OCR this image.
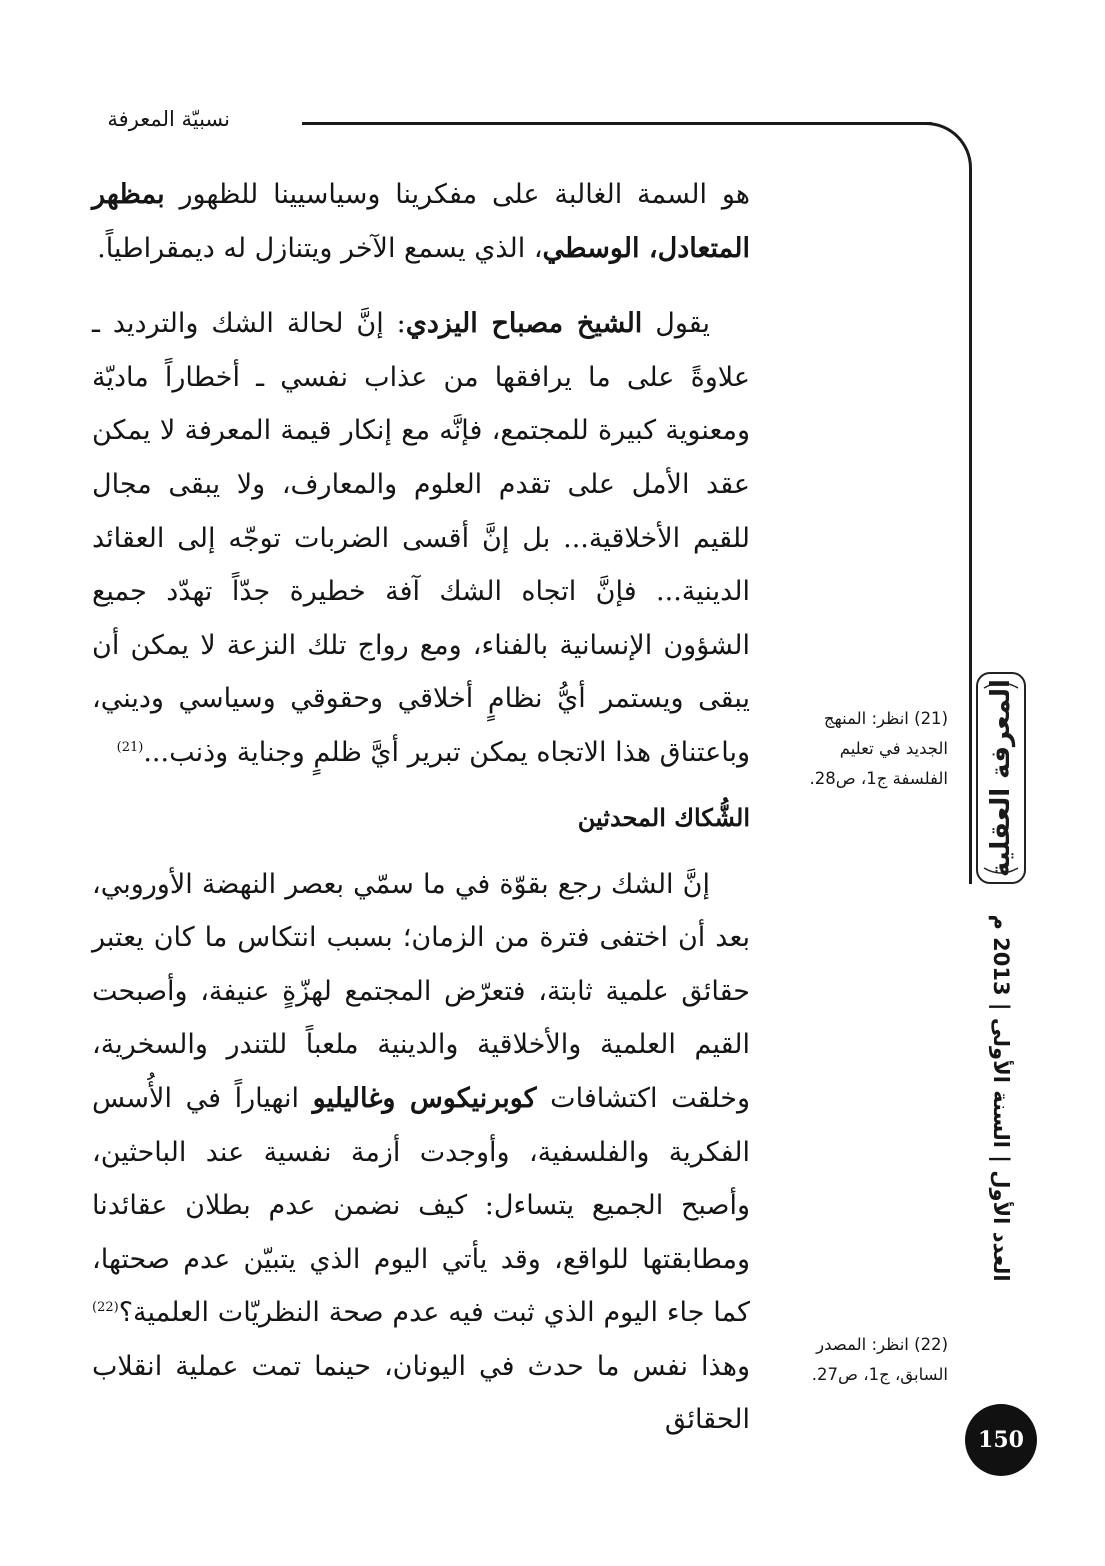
نسبيّة المعرفة

هو السمة الغالبة على مفكرينا وسياسيينا للظهور بمظهر المتعادل، الوسطي، الذي يسمع الآخر ويتنازل له ديمقراطياً.

يقول الشيخ مصباح اليزدي: إنَّ لحالة الشك والترديد ـ علاوةً على ما يرافقها من عذاب نفسي ـ أخطاراً ماديّة ومعنوية كبيرة للمجتمع، فإنَّه مع إنكار قيمة المعرفة لا يمكن عقد الأمل على تقدم العلوم والمعارف، ولا يبقى مجال للقيم الأخلاقية... بل إنَّ أقسى الضربات توجّه إلى العقائد الدينية... فإنَّ اتجاه الشك آفة خطيرة جدّاً تهدّد جميع الشؤون الإنسانية بالفناء، ومع رواج تلك النزعة لا يمكن أن يبقى ويستمر أيُّ نظامٍ أخلاقي وحقوقي وسياسي وديني، وباعتناق هذا الاتجاه يمكن تبرير أيَّ ظلمٍ وجناية وذنب...$^{(21)}$

الشُّكاك المحدثين

إنَّ الشك رجع بقوّة في ما سمّي بعصر النهضة الأوروبي، بعد أن اختفى فترة من الزمان؛ بسبب انتكاس ما كان يعتبر حقائق علمية ثابتة، فتعرّض المجتمع لهزّةٍ عنيفة، وأصبحت القيم العلمية والأخلاقية والدينية ملعباً للتندر والسخرية، وخلقت اكتشافات كوبرنيكوس وغاليليو انهياراً في الأُسس الفكرية والفلسفية، وأوجدت أزمة نفسية عند الباحثين، وأصبح الجميع يتساءل: كيف نضمن عدم بطلان عقائدنا ومطابقتها للواقع، وقد يأتي اليوم الذي يتبيّن عدم صحتها، كما جاء اليوم الذي ثبت فيه عدم صحة النظريّات العلمية؟$^{(22)}$ وهذا نفس ما حدث في اليونان، حينما تمت عملية انقلاب الحقائق

(21) انظر: المنهج الجديد في تعليم الفلسفة ج1، ص28.
(22) انظر: المصدر السابق، ج1، ص27.
المعرفة العقلية
العدد الأول | السنة الأولى | 2013 م
150
